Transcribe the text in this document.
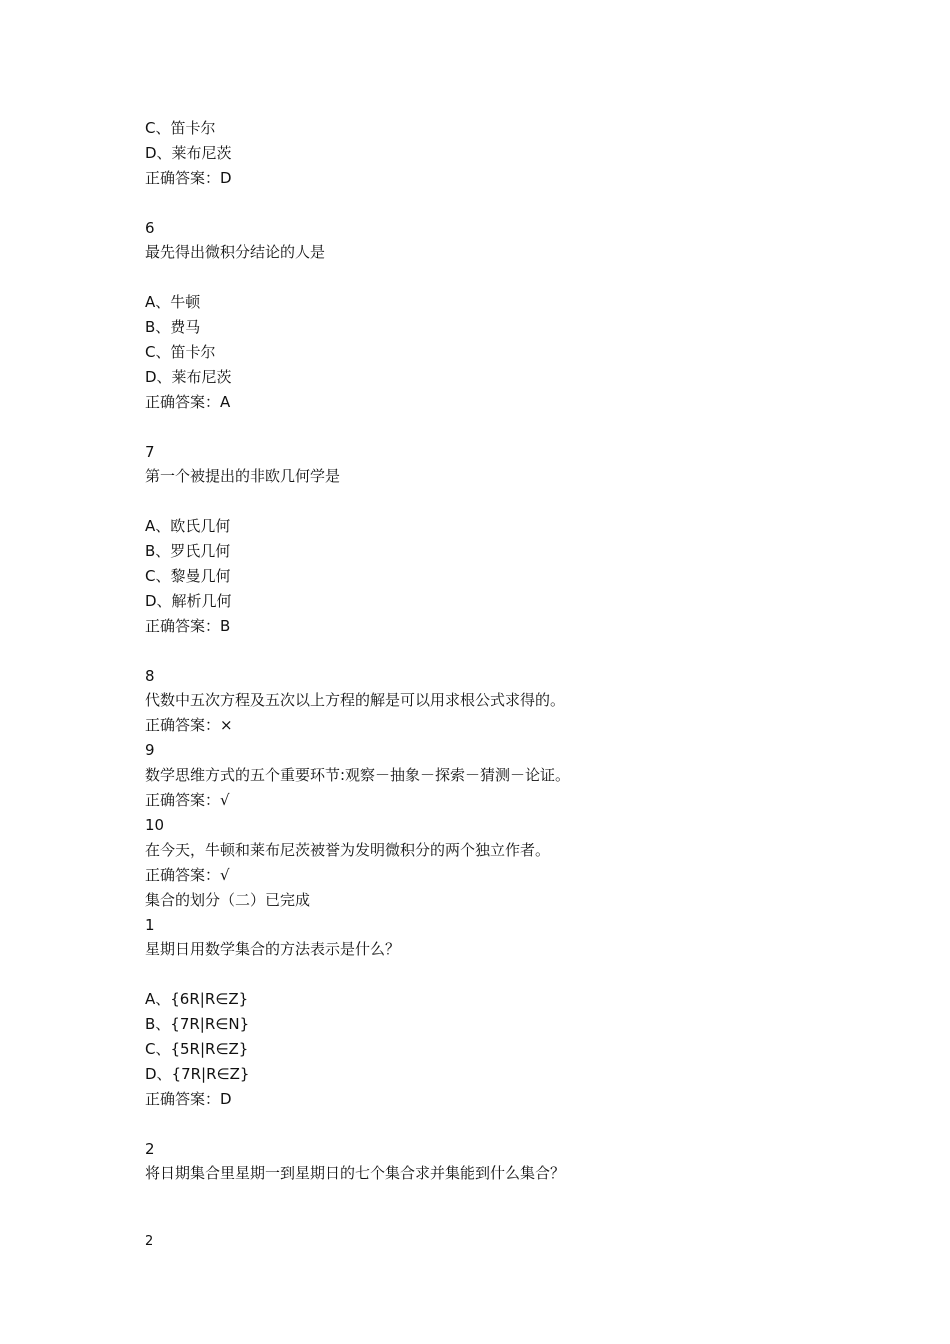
C、笛卡尔
D、莱布尼茨
正确答案：D
6
最先得出微积分结论的人是
A、牛顿
B、费马
C、笛卡尔
D、莱布尼茨
正确答案：A
7
第一个被提出的非欧几何学是
A、欧氏几何
B、罗氏几何
C、黎曼几何
D、解析几何
正确答案：B
8
代数中五次方程及五次以上方程的解是可以用求根公式求得的。
正确答案：×
9
数学思维方式的五个重要环节:观察－抽象－探索－猜测－论证。
正确答案：√
10
在今天，牛顿和莱布尼茨被誉为发明微积分的两个独立作者。
正确答案：√
集合的划分（二）已完成
1
星期日用数学集合的方法表示是什么？
A、{6R|R∈Z}
B、{7R|R∈N}
C、{5R|R∈Z}
D、{7R|R∈Z}
正确答案：D
2
将日期集合里星期一到星期日的七个集合求并集能到什么集合？
2
